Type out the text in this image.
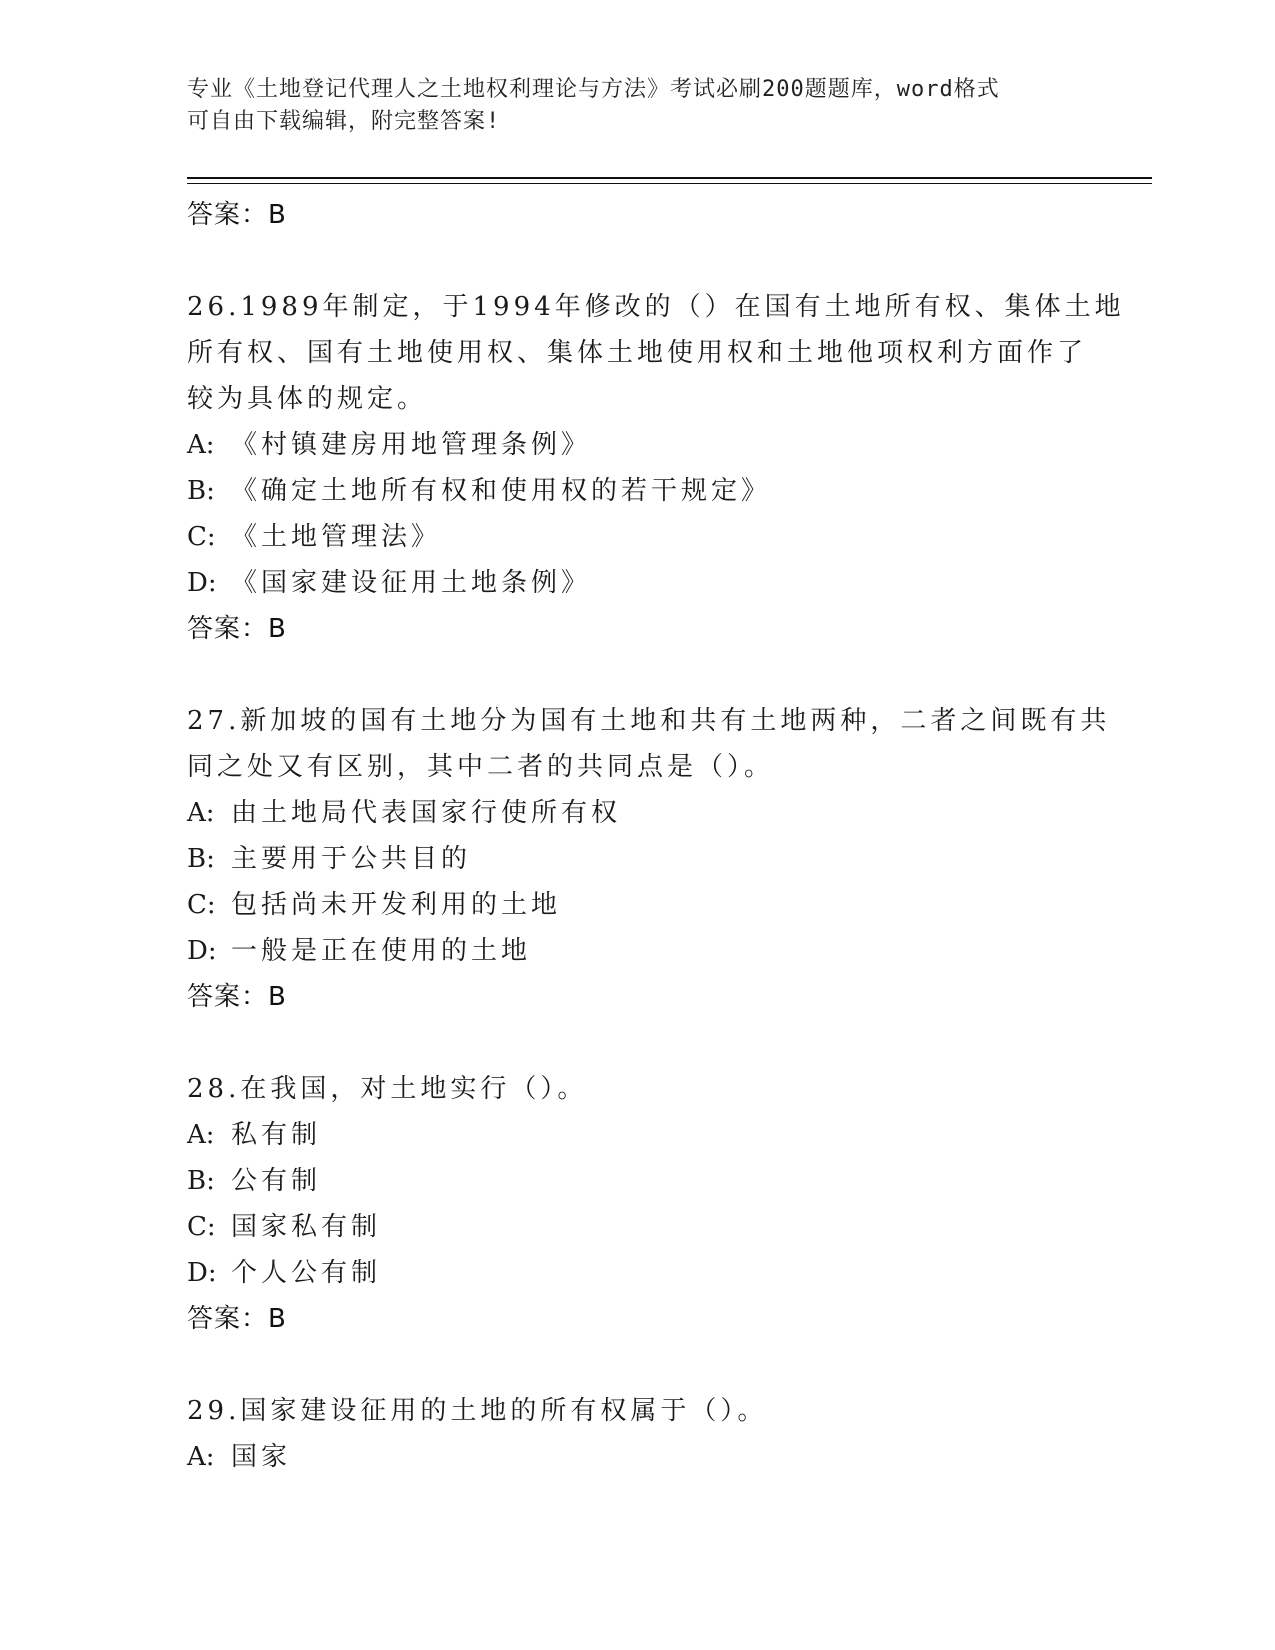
专业《土地登记代理人之土地权利理论与方法》考试必刷200题题库，word格式
可自由下载编辑，附完整答案!
答案：B
26.1989年制定，于1994年修改的（）在国有土地所有权、集体土地
所有权、国有土地使用权、集体土地使用权和土地他项权利方面作了
较为具体的规定。
A: 《村镇建房用地管理条例》
B: 《确定土地所有权和使用权的若干规定》
C: 《土地管理法》
D: 《国家建设征用土地条例》
答案：B
27.新加坡的国有土地分为国有土地和共有土地两种，二者之间既有共
同之处又有区别，其中二者的共同点是（）。
A: 由土地局代表国家行使所有权
B: 主要用于公共目的
C: 包括尚未开发利用的土地
D: 一般是正在使用的土地
答案：B
28.在我国，对土地实行（）。
A: 私有制
B: 公有制
C: 国家私有制
D: 个人公有制
答案：B
29.国家建设征用的土地的所有权属于（）。
A: 国家
